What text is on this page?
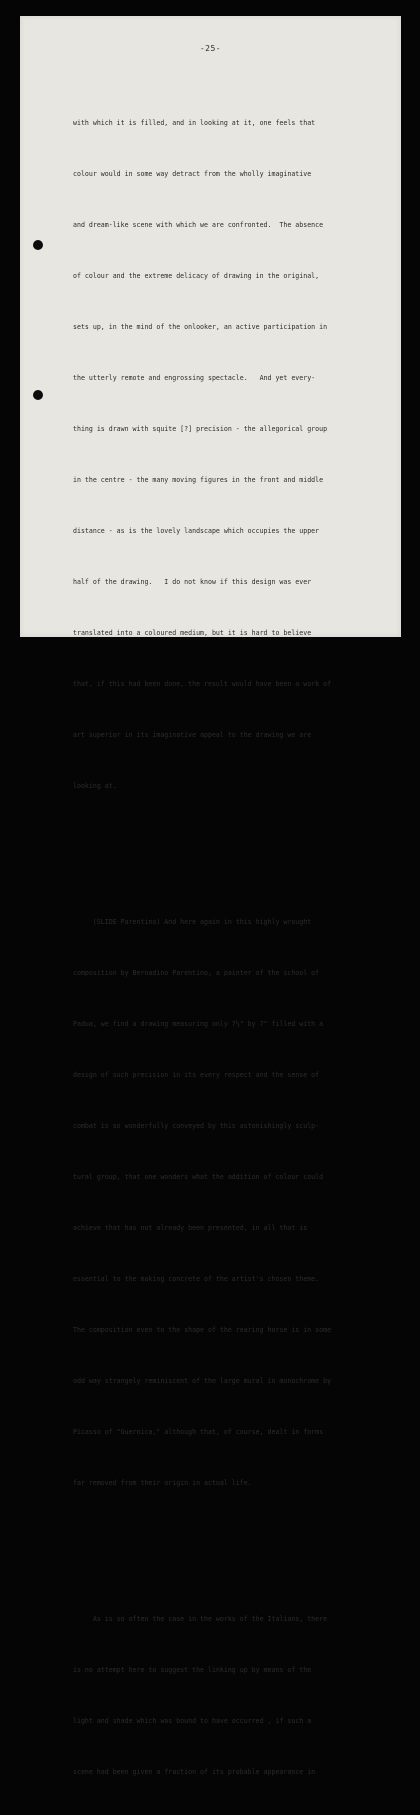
-25-

with which it is filled, and in looking at it, one feels that

colour would in some way detract from the wholly imaginative

and dream-like scene with which we are confronted.  The absence

of colour and the extreme delicacy of drawing in the original,

sets up, in the mind of the onlooker, an active participation in

the utterly remote and engrossing spectacle.   And yet every-

thing is drawn with squite [?] precision - the allegorical group

in the centre - the many moving figures in the front and middle

distance - as is the lovely landscape which occupies the upper

half of the drawing.   I do not know if this design was ever

translated into a coloured medium, but it is hard to believe

that, if this had been done, the result would have been a work of

art superior in its imaginative appeal to the drawing we are

looking at.

(SLIDE Parentino) And here again in this highly wrought

composition by Bernadino Parentino, a painter of the school of

Padua, we find a drawing measuring only 7½" by 7" filled with a

design of such precision in its every respect and the sense of

combat is so wonderfully conveyed by this astonishingly sculp-

tural group, that one wonders what the addition of colour could

achieve that has not already been presented, in all that is

essential to the making concrete of the artist's chosen theme.

The composition even to the shape of the rearing horse is in some

odd way strangely reminiscent of the large mural in monochrome by

Picasso of "Guernica," although that, of course, dealt in forms

far removed from their origin in actual life.

As is so often the case in the works of the Italians, there

is no attempt here to suggest the linking up by means of the

light and shade which was bound to have occurred , if such a

scene had been given a fraction of its probable appearance in
